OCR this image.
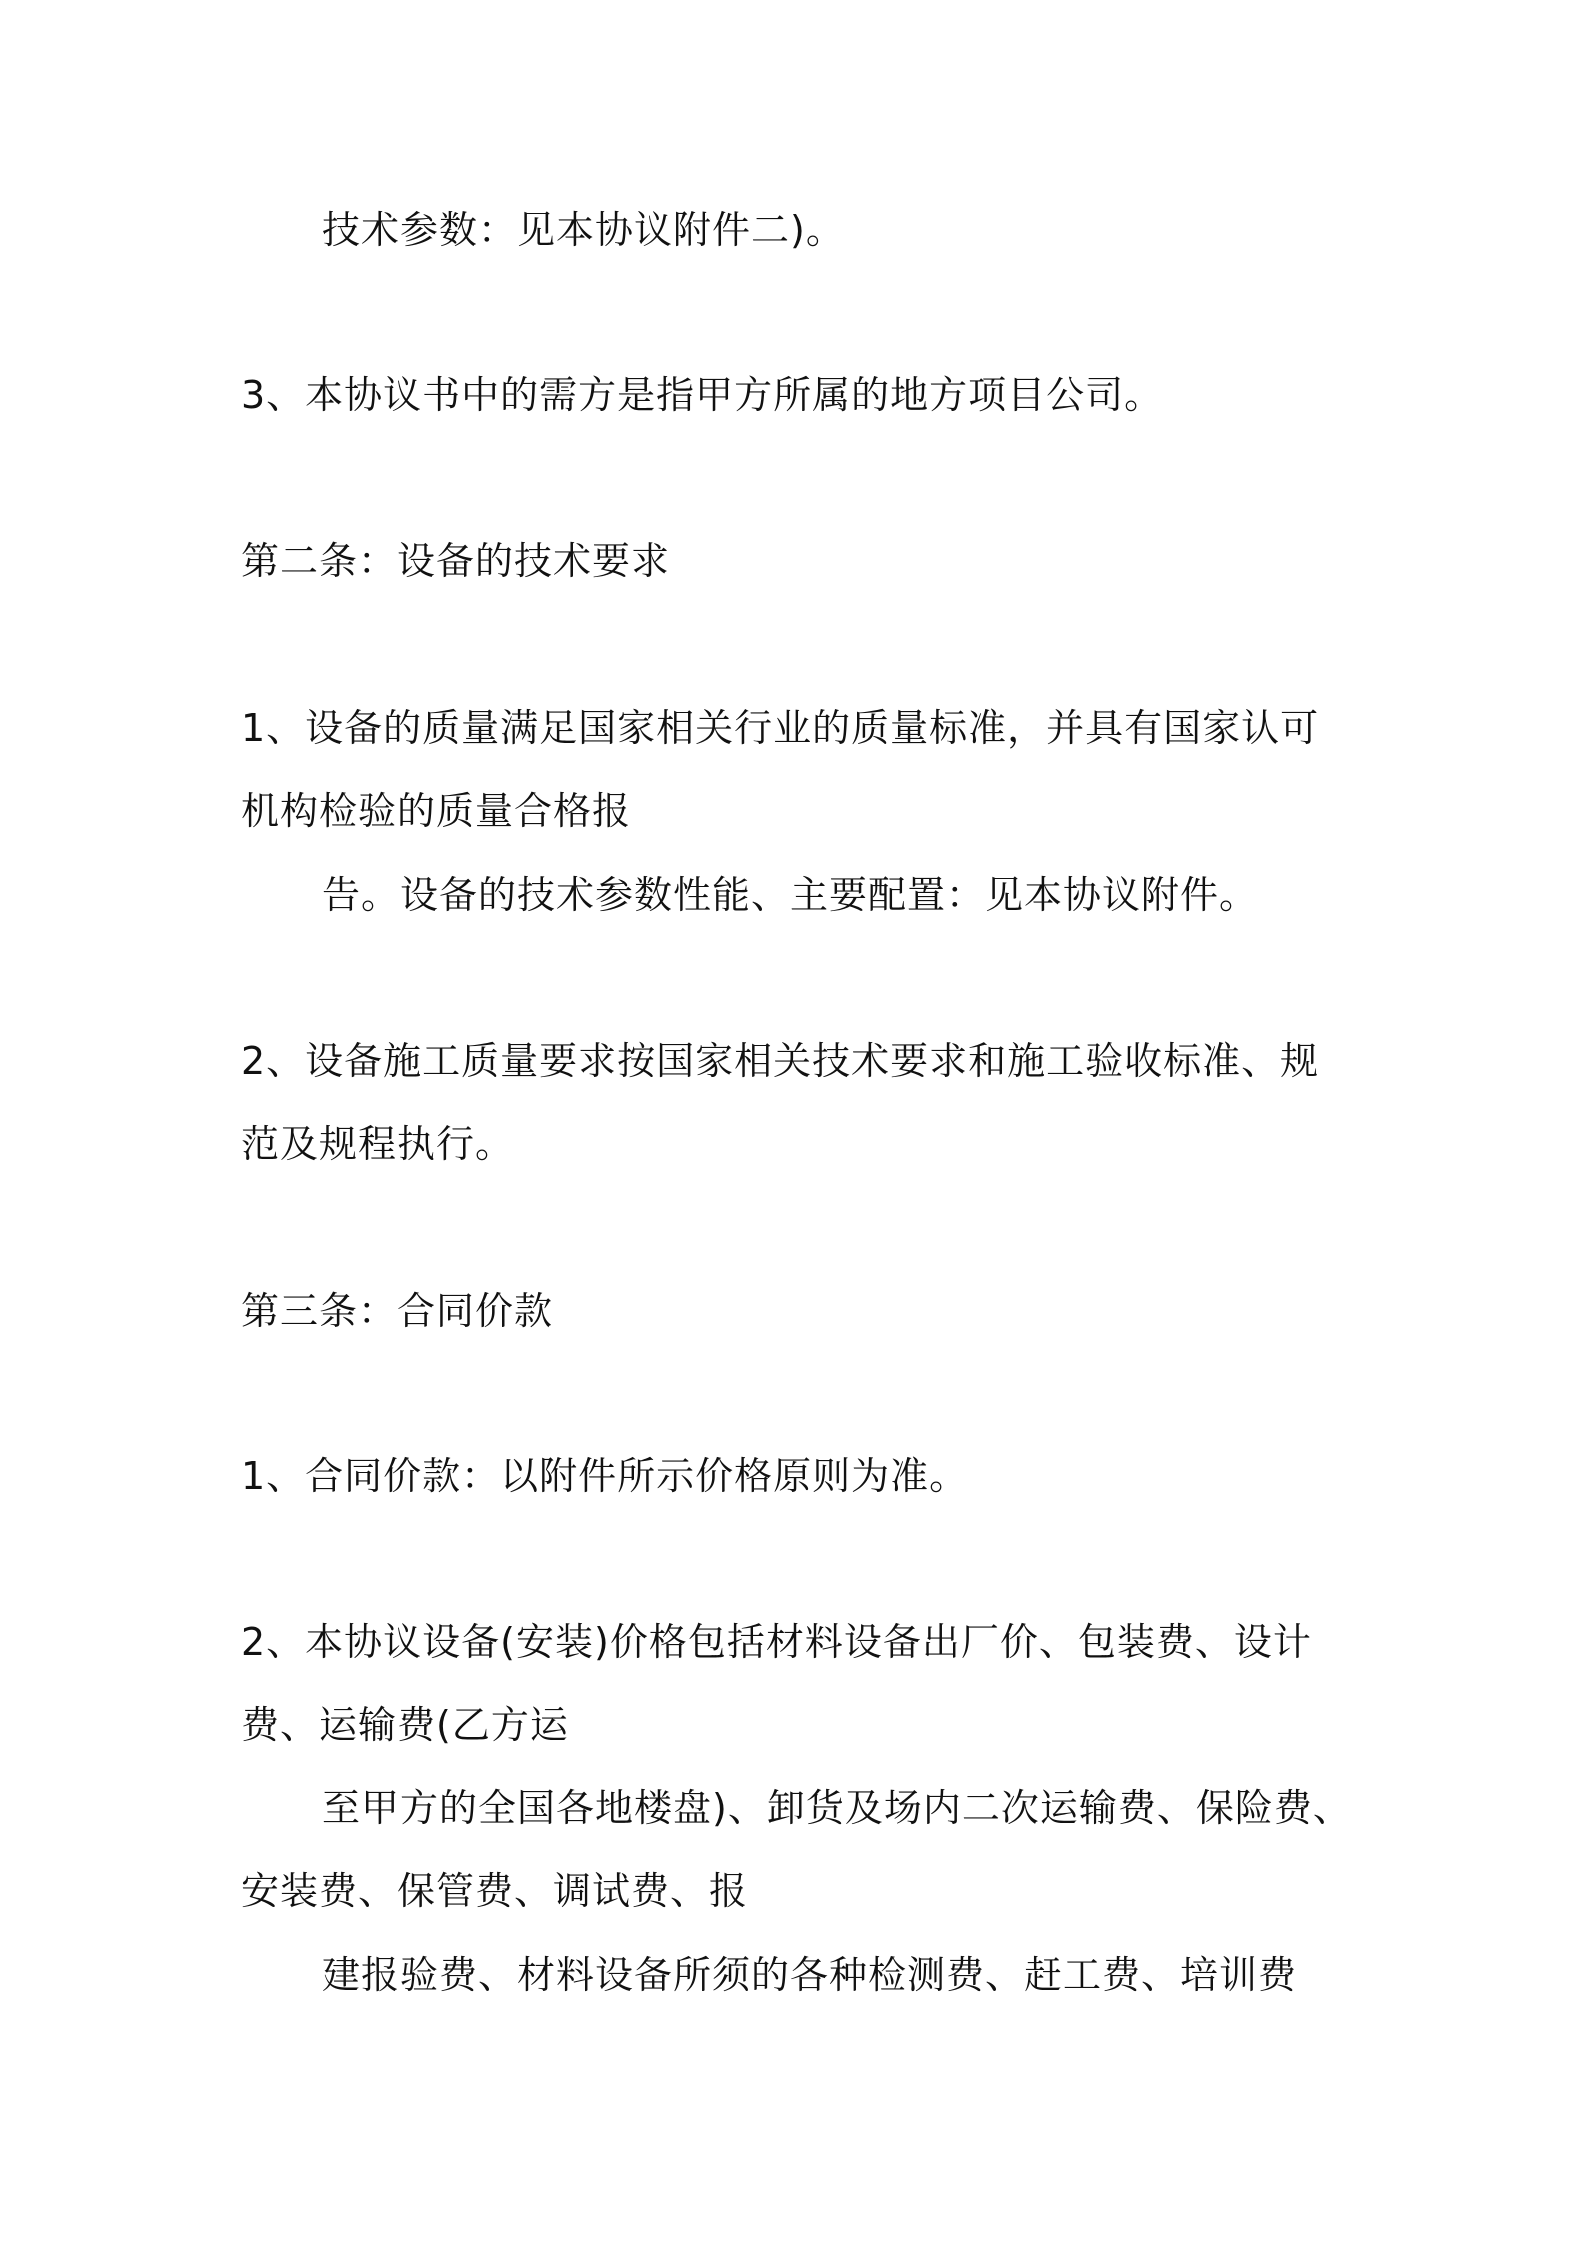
技术参数：见本协议附件二)。
3、本协议书中的需方是指甲方所属的地方项目公司。
第二条：设备的技术要求
1、设备的质量满足国家相关行业的质量标准，并具有国家认可
机构检验的质量合格报
告。设备的技术参数性能、主要配置：见本协议附件。
2、设备施工质量要求按国家相关技术要求和施工验收标准、规
范及规程执行。
第三条：合同价款
1、合同价款：以附件所示价格原则为准。
2、本协议设备(安装)价格包括材料设备出厂价、包装费、设计
费、运输费(乙方运
至甲方的全国各地楼盘)、卸货及场内二次运输费、保险费、
安装费、保管费、调试费、报
建报验费、材料设备所须的各种检测费、赶工费、培训费
